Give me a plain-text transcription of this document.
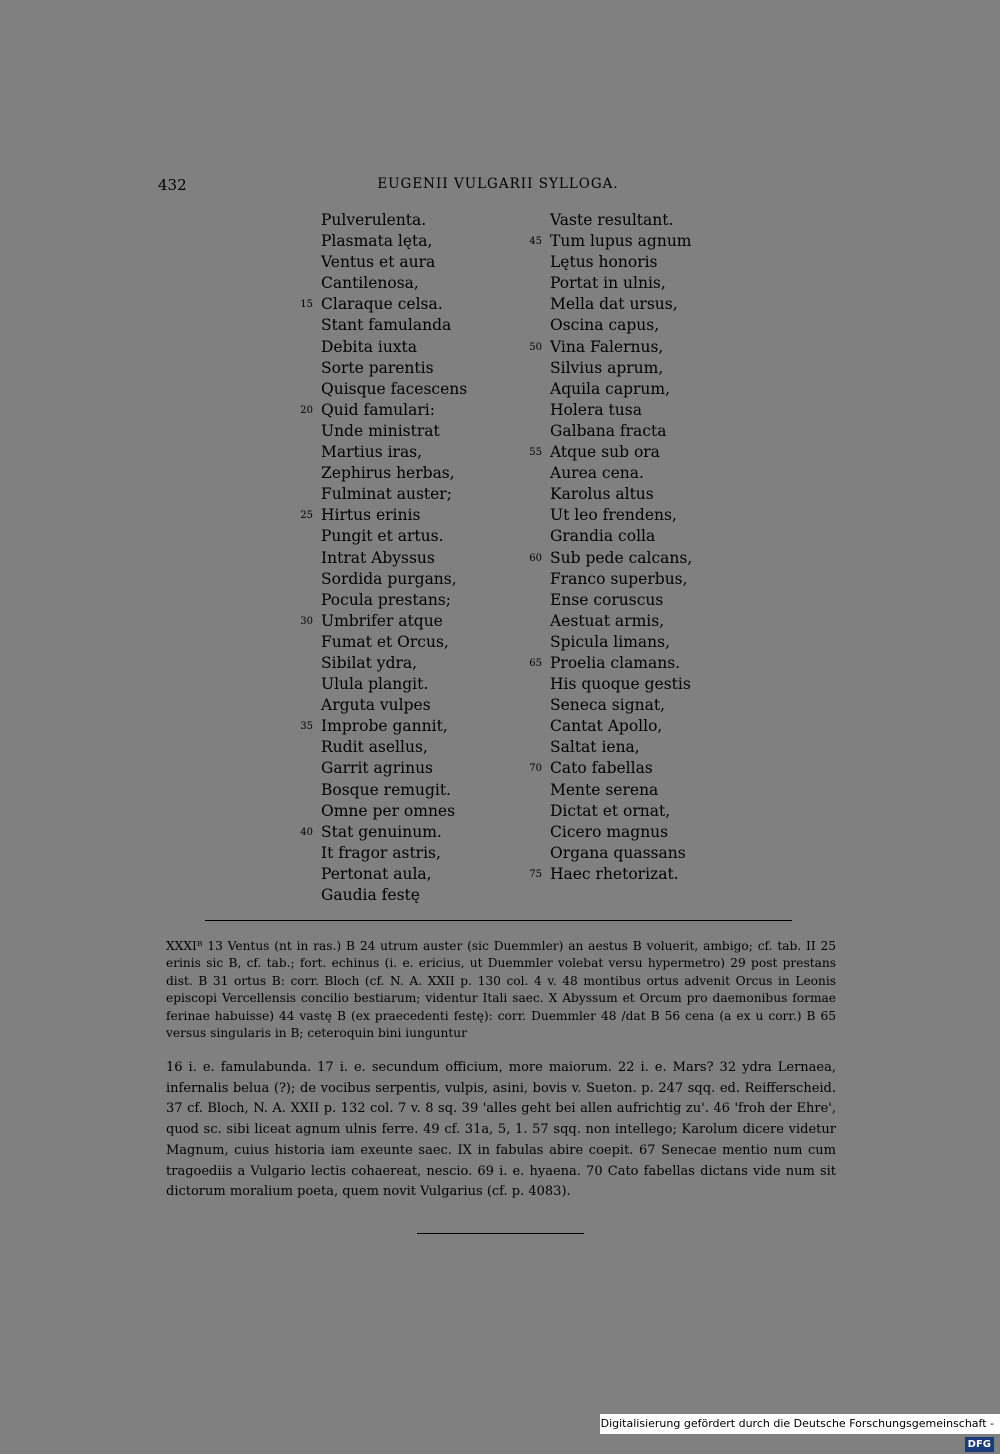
432	EUGENII VULGARII SYLLOGA.
Pulverulenta.
Plasmata lęta,
Ventus et aura
Cantilenosa,
15 Claraque celsa.
Stant famulanda
Debita iuxta
Sorte parentis
Quisque facescens
20 Quid famulari:
Unde ministrat
Martius iras,
Zephirus herbas,
Fulminat auster;
25 Hirtus erinis
Pungit et artus.
Intrat Abyssus
Sordida purgans,
Pocula prestans;
30 Umbrifer atque
Fumat et Orcus,
Sibilat ydra,
Ulula plangit.
Arguta vulpes
35 Improbe gannit,
Rudit asellus,
Garrit agrinus
Bosque remugit.
Omne per omnes
40 Stat genuinum.
It fragor astris,
Pertonat aula,
Gaudia festę
Vaste resultant.
45 Tum lupus agnum
Lętus honoris
Portat in ulnis,
Mella dat ursus,
Oscina capus,
50 Vina Falernus,
Silvius aprum,
Aquila caprum,
Holera tusa
Galbana fracta
55 Atque sub ora
Aurea cena.
Karolus altus
Ut leo frendens,
Grandia colla
60 Sub pede calcans,
Franco superbus,
Ense coruscus
Aestuat armis,
Spicula limans,
65 Proelia clamans.
His quoque gestis
Seneca signat,
Cantat Apollo,
Saltat iena,
70 Cato fabellas
Mente serena
Dictat et ornat,
Cicero magnus
Organa quassans
75 Haec rhetorizat.

XXXIᴮ 13 Ventus (nt in ras.) B 24 utrum auster (sic Duemmler) an aestus B voluerit, ambigo; cf. tab. II 25 erinis sic B, cf. tab.; fort. echinus (i. e. ericius, ut Duemmler volebat versu hypermetro) 29 post prestans dist. B 31 ortus B: corr. Bloch (cf. N. A. XXII p. 130 col. 4 v. 48 montibus ortus advenit Orcus in Leonis episcopi Vercellensis concilio bestiarum; videntur Itali saec. X Abyssum et Orcum pro daemonibus formae ferinae habuisse) 44 vastę B (ex praecedenti festę): corr. Duemmler 48 /dat B 56 cena (a ex u corr.) B 65 versus singularis in B; ceteroquin bini iunguntur

16 i. e. famulabunda. 17 i. e. secundum officium, more maiorum. 22 i. e. Mars? 32 ydra Lernaea, infernalis belua (?); de vocibus serpentis, vulpis, asini, bovis v. Sueton. p. 247 sqq. ed. Reifferscheid. 37 cf. Bloch, N. A. XXII p. 132 col. 7 v. 8 sq. 39 'alles geht bei allen aufrichtig zu'. 46 'froh der Ehre', quod sc. sibi liceat agnum ulnis ferre. 49 cf. 31a, 5, 1. 57 sqq. non intellego; Karolum dicere videtur Magnum, cuius historia iam exeunte saec. IX in fabulas abire coepit. 67 Senecae mentio num cum tragoediis a Vulgario lectis cohaereat, nescio. 69 i. e. hyaena. 70 Cato fabellas dictans vide num sit dictorum moralium poeta, quem novit Vulgarius (cf. p. 4083).

Digitalisierung gefördert durch die Deutsche Forschungsgemeinschaft - DFG
